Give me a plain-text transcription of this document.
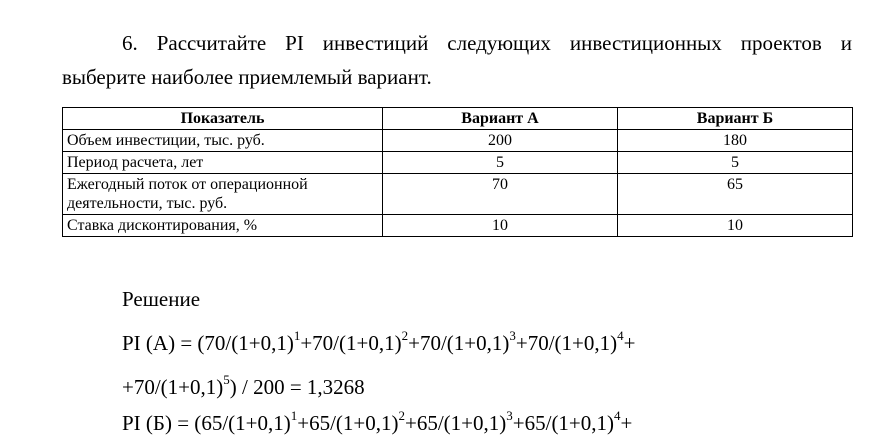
6. Рассчитайте PI инвестиций следующих инвестиционных проектов и
выберите наиболее приемлемый вариант.
Показатель	Вариант А	Вариант Б
Объем инвестиции, тыс. руб.	200	180
Период расчета, лет	5	5
Ежегодный поток от операционной
деятельности, тыс. руб.	70	65
Ставка дисконтирования, %	10	10
Решение
PI $(A) = (70/(1+0,1)^1+70/(1+0,1)^2+70/(1+0,1)^3+70/(1+0,1)^4+$
$+70/(1+0,1)^5) / 200 = 1,3268$
PI $(Б) = (65/(1+0,1)^1+65/(1+0,1)^2+65/(1+0,1)^3+65/(1+0,1)^4+$
